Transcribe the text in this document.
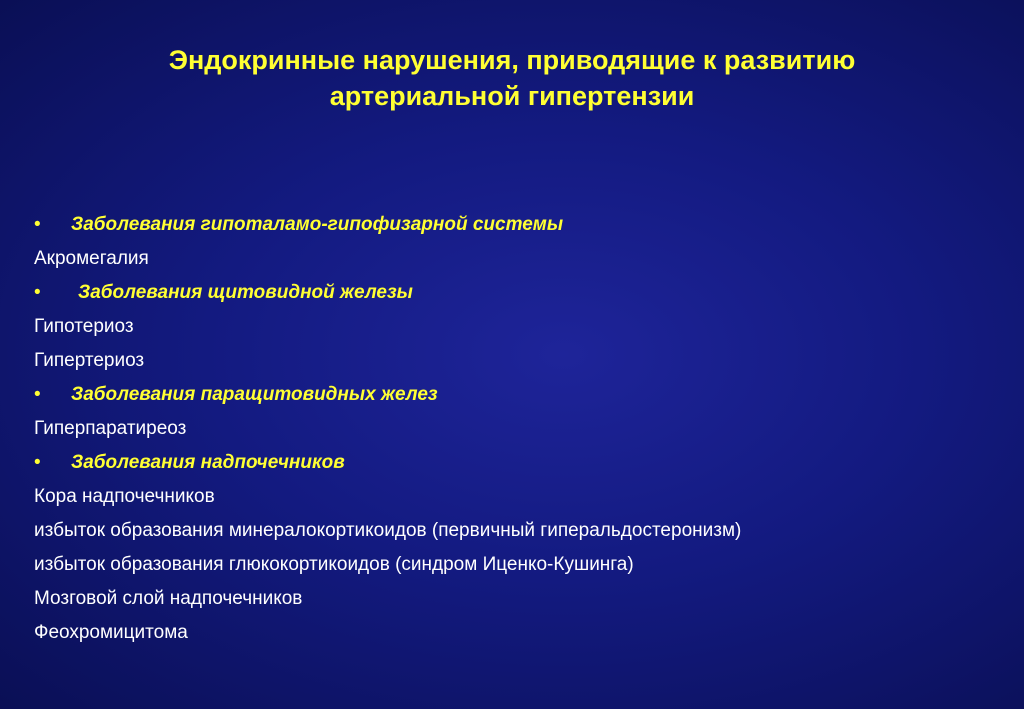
Эндокринные нарушения, приводящие к развитию
артериальной гипертензии
• Заболевания гипоталамо-гипофизарной системы
Акромегалия
• Заболевания щитовидной железы
Гипотериоз
Гипертериоз
• Заболевания паращитовидных желез
Гиперпаратиреоз
• Заболевания надпочечников
Кора надпочечников
избыток образования минералокортикоидов (первичный гиперальдостеронизм)
избыток образования глюкокортикоидов (синдром Иценко-Кушинга)
Мозговой слой надпочечников
Феохромицитома
